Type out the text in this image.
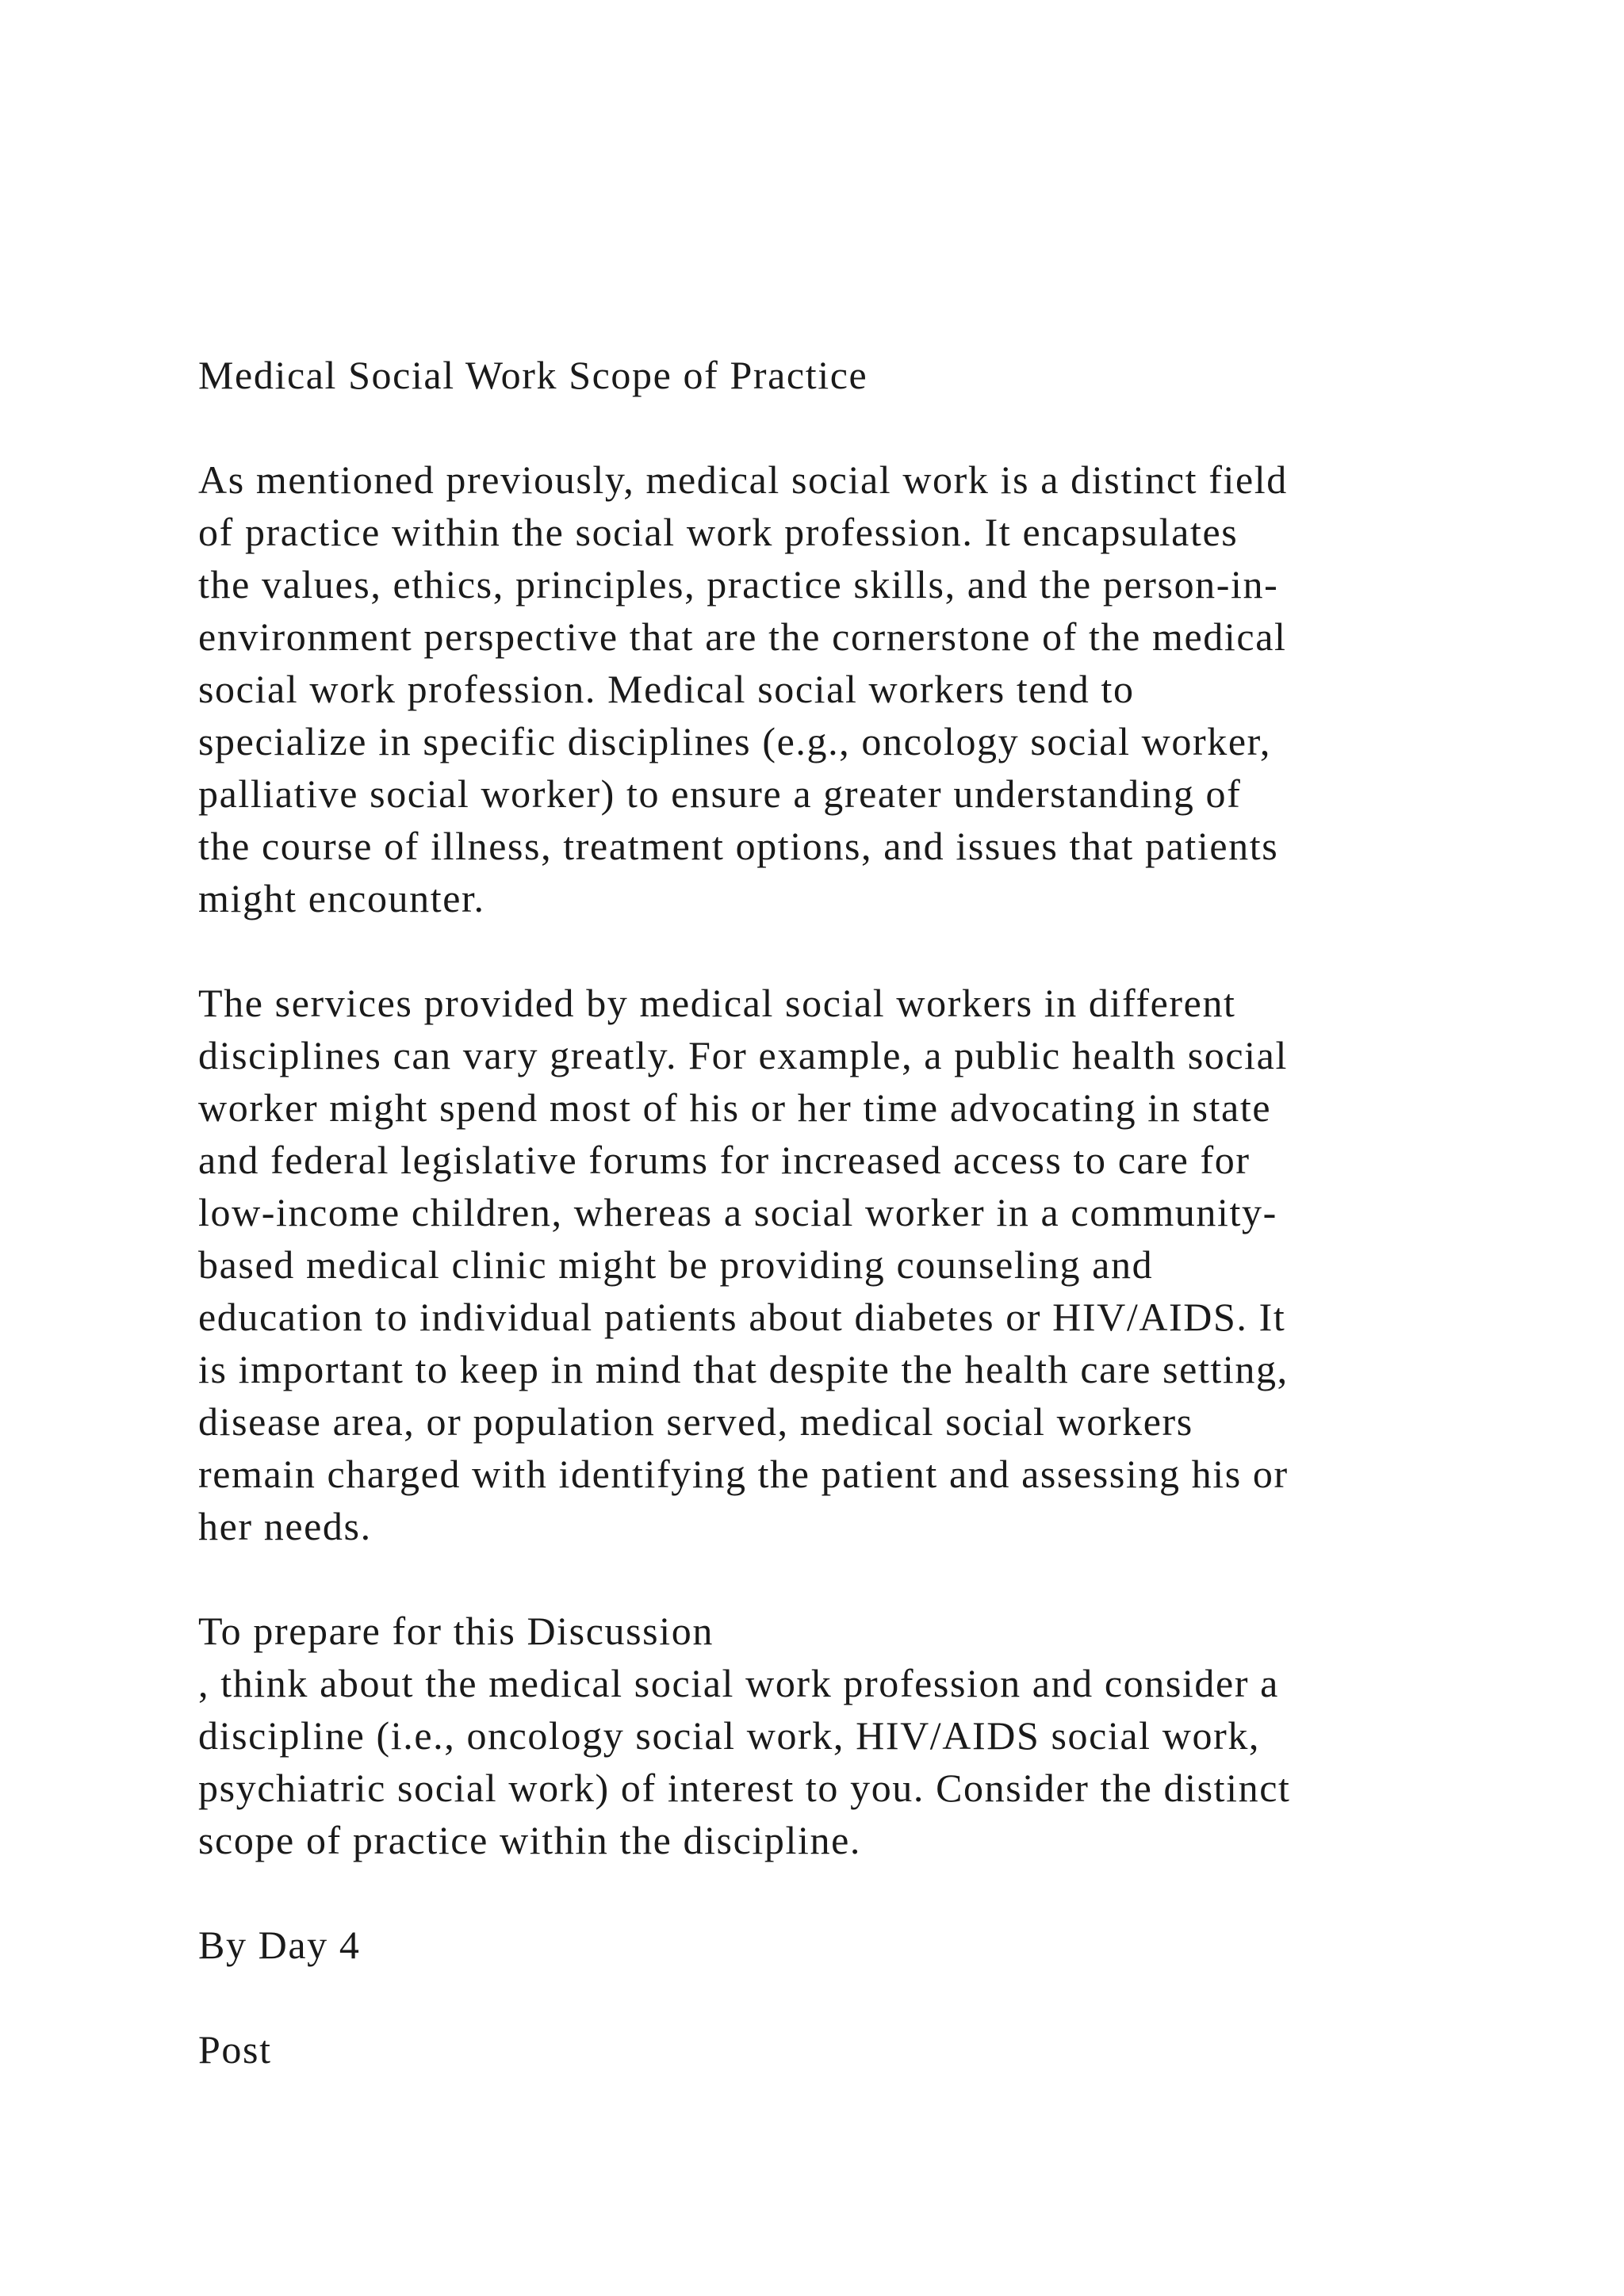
Medical Social Work Scope of Practice
As mentioned previously, medical social work is a distinct field
of practice within the social work profession. It encapsulates
the values, ethics, principles, practice skills, and the person-in-
environment perspective that are the cornerstone of the medical
social work profession. Medical social workers tend to
specialize in specific disciplines (e.g., oncology social worker,
palliative social worker) to ensure a greater understanding of
the course of illness, treatment options, and issues that patients
might encounter.
The services provided by medical social workers in different
disciplines can vary greatly. For example, a public health social
worker might spend most of his or her time advocating in state
and federal legislative forums for increased access to care for
low-income children, whereas a social worker in a community-
based medical clinic might be providing counseling and
education to individual patients about diabetes or HIV/AIDS. It
is important to keep in mind that despite the health care setting,
disease area, or population served, medical social workers
remain charged with identifying the patient and assessing his or
her needs.
To prepare for this Discussion
, think about the medical social work profession and consider a
discipline (i.e., oncology social work, HIV/AIDS social work,
psychiatric social work) of interest to you. Consider the distinct
scope of practice within the discipline.
By Day 4
Post
